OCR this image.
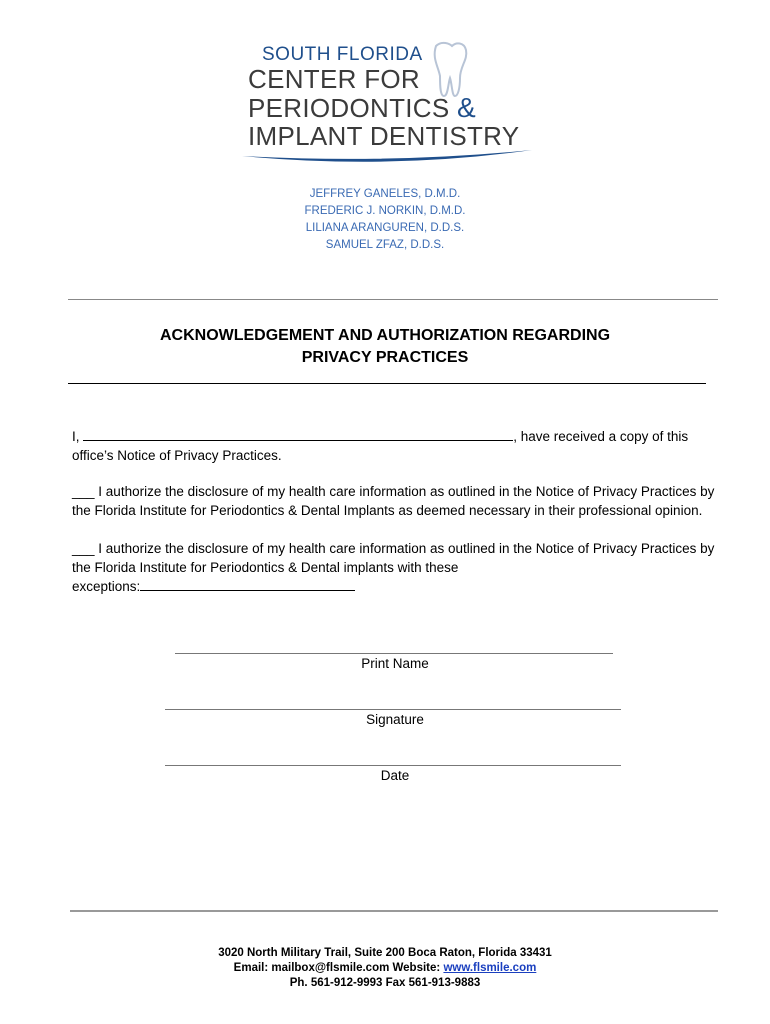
SOUTH FLORIDA
CENTER FOR
PERIODONTICS &
IMPLANT DENTISTRY
JEFFREY GANELES, D.M.D.
FREDERIC J. NORKIN, D.M.D.
LILIANA ARANGUREN, D.D.S.
SAMUEL ZFAZ, D.D.S.
ACKNOWLEDGEMENT AND AUTHORIZATION REGARDING
PRIVACY PRACTICES
I,	, have received a copy of this office’s Notice of Privacy Practices.
___ I authorize the disclosure of my health care information as outlined in the Notice of Privacy Practices by the Florida Institute for Periodontics & Dental Implants as deemed necessary in their professional opinion.
___ I authorize the disclosure of my health care information as outlined in the Notice of Privacy Practices by the Florida Institute for Periodontics & Dental implants with these
exceptions:
Print Name
Signature
Date
3020 North Military Trail, Suite 200 Boca Raton, Florida 33431
Email: mailbox@flsmile.com Website: www.flsmile.com
Ph. 561-912-9993 Fax 561-913-9883
